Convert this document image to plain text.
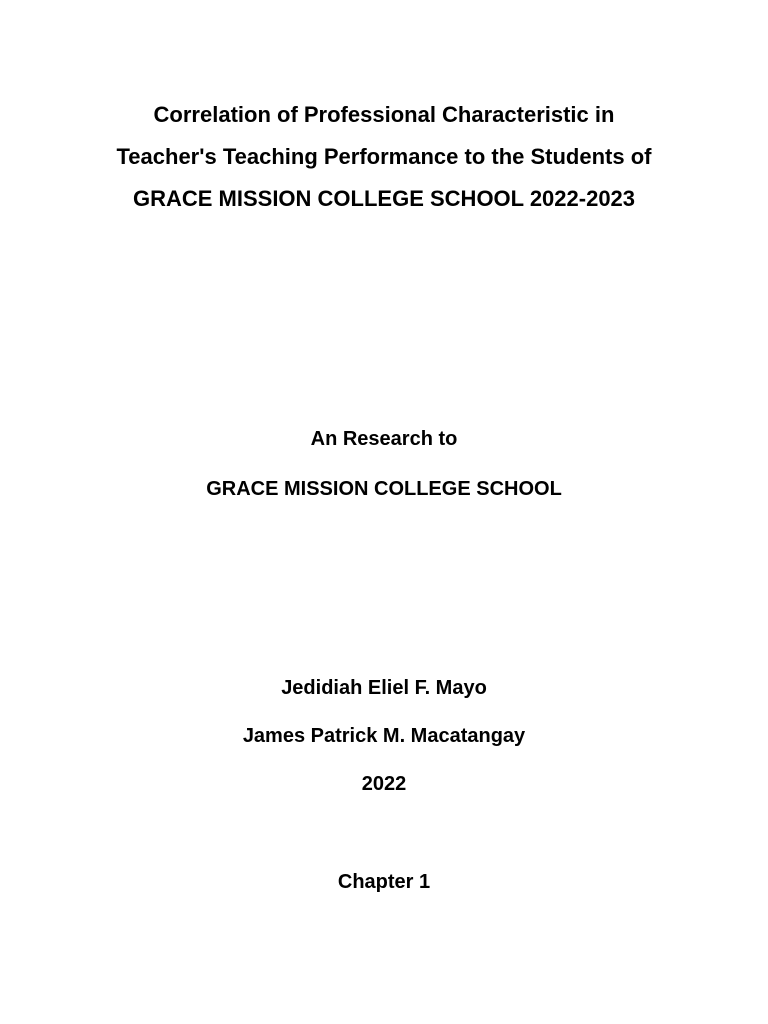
Correlation of Professional Characteristic in
Teacher's Teaching Performance to the Students of
GRACE MISSION COLLEGE SCHOOL 2022-2023
An Research to
GRACE MISSION COLLEGE SCHOOL
Jedidiah Eliel F. Mayo
James Patrick M. Macatangay
2022
Chapter 1
